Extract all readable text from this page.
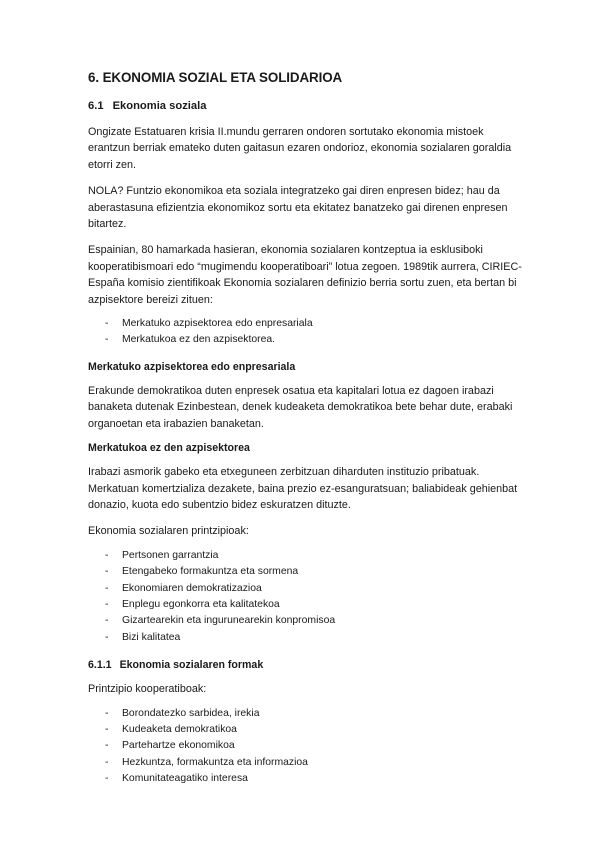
6. EKONOMIA SOZIAL ETA SOLIDARIOA
6.1 Ekonomia soziala

Ongizate Estatuaren krisia II.mundu gerraren ondoren sortutako ekonomia mistoek erantzun berriak emateko duten gaitasun ezaren ondorioz, ekonomia sozialaren goraldia etorri zen.

NOLA? Funtzio ekonomikoa eta soziala integratzeko gai diren enpresen bidez; hau da aberastasuna efizientzia ekonomikoz sortu eta ekitatez banatzeko gai direnen enpresen bitartez.

Espainian, 80 hamarkada hasieran, ekonomia sozialaren kontzeptua ia esklusiboki kooperatibismoari edo “mugimendu kooperatiboari” lotua zegoen. 1989tik aurrera, CIRIEC-España komisio zientifikoak Ekonomia sozialaren definizio berria sortu zuen, eta bertan bi azpisektore bereizi zituen:

- Merkatuko azpisektorea edo enpresariala
- Merkatukoa ez den azpisektorea.
Merkatuko azpisektorea edo enpresariala

Erakunde demokratikoa duten enpresek osatua eta kapitalari lotua ez dagoen irabazi banaketa dutenak Ezinbestean, denek kudeaketa demokratikoa bete behar dute, erabaki organoetan eta irabazien banaketan.

Merkatukoa ez den azpisektorea

Irabazi asmorik gabeko eta etxeguneen zerbitzuan diharduten instituzio pribatuak. Merkatuan komertzializa dezakete, baina prezio ez-esanguratsuan; baliabideak gehienbat donazio, kuota edo subentzio bidez eskuratzen dituzte.

Ekonomia sozialaren printzipioak:

- Pertsonen garrantzia
- Etengabeko formakuntza eta sormena
- Ekonomiaren demokratizazioa
- Enplegu egonkorra eta kalitatekoa
- Gizartearekin eta ingurunearekin konpromisoa
- Bizi kalitatea
6.1.1 Ekonomia sozialaren formak

Printzipio kooperatiboak:

- Borondatezko sarbidea, irekia
- Kudeaketa demokratikoa
- Partehartze ekonomikoa
- Hezkuntza, formakuntza eta informazioa
- Komunitateagatiko interesa
